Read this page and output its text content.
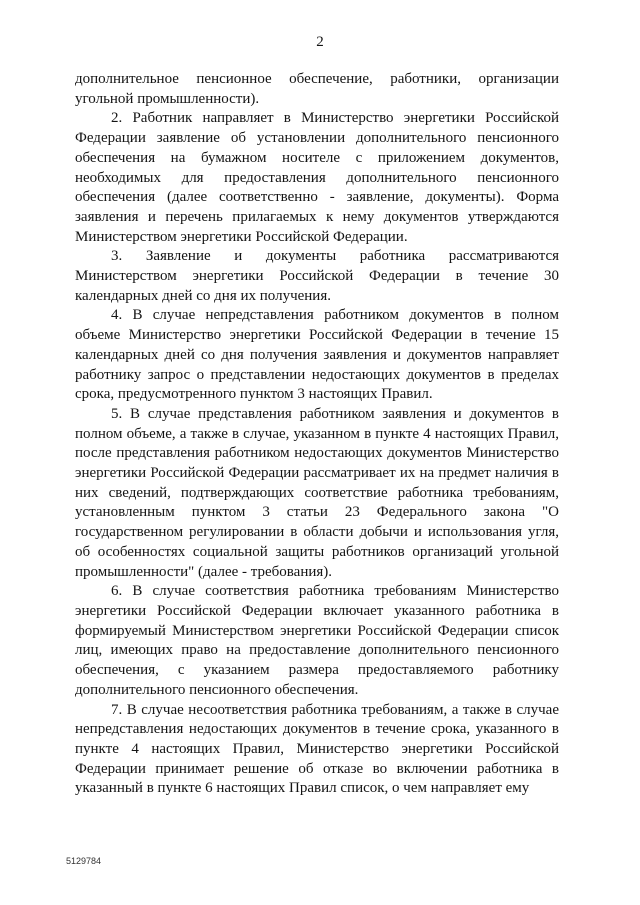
2

дополнительное пенсионное обеспечение, работники, организации угольной промышленности).

2. Работник направляет в Министерство энергетики Российской Федерации заявление об установлении дополнительного пенсионного обеспечения на бумажном носителе с приложением документов, необходимых для предоставления дополнительного пенсионного обеспечения (далее соответственно - заявление, документы). Форма заявления и перечень прилагаемых к нему документов утверждаются Министерством энергетики Российской Федерации.

3. Заявление и документы работника рассматриваются Министерством энергетики Российской Федерации в течение 30 календарных дней со дня их получения.

4. В случае непредставления работником документов в полном объеме Министерство энергетики Российской Федерации в течение 15 календарных дней со дня получения заявления и документов направляет работнику запрос о представлении недостающих документов в пределах срока, предусмотренного пунктом 3 настоящих Правил.

5. В случае представления работником заявления и документов в полном объеме, а также в случае, указанном в пункте 4 настоящих Правил, после представления работником недостающих документов Министерство энергетики Российской Федерации рассматривает их на предмет наличия в них сведений, подтверждающих соответствие работника требованиям, установленным пунктом 3 статьи 23 Федерального закона "О государственном регулировании в области добычи и использования угля, об особенностях социальной защиты работников организаций угольной промышленности" (далее - требования).

6. В случае соответствия работника требованиям Министерство энергетики Российской Федерации включает указанного работника в формируемый Министерством энергетики Российской Федерации список лиц, имеющих право на предоставление дополнительного пенсионного обеспечения, с указанием размера предоставляемого работнику дополнительного пенсионного обеспечения.

7. В случае несоответствия работника требованиям, а также в случае непредставления недостающих документов в течение срока, указанного в пункте 4 настоящих Правил, Министерство энергетики Российской Федерации принимает решение об отказе во включении работника в указанный в пункте 6 настоящих Правил список, о чем направляет ему

5129784
